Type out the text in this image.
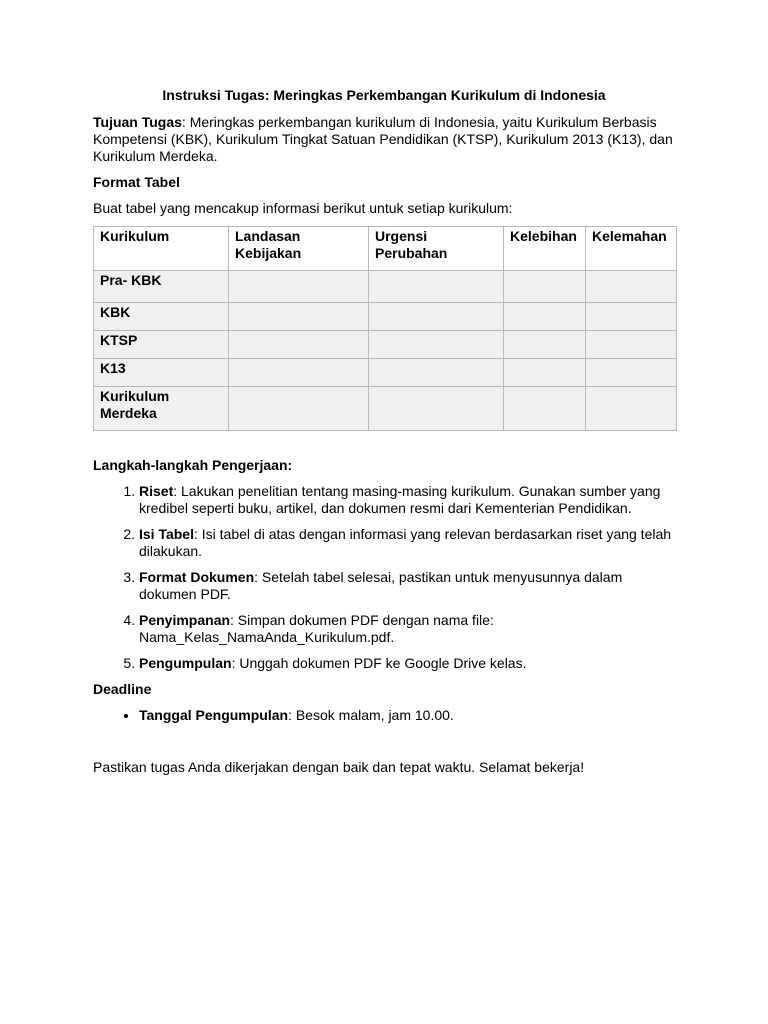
Instruksi Tugas: Meringkas Perkembangan Kurikulum di Indonesia

Tujuan Tugas: Meringkas perkembangan kurikulum di Indonesia, yaitu Kurikulum Berbasis Kompetensi (KBK), Kurikulum Tingkat Satuan Pendidikan (KTSP), Kurikulum 2013 (K13), dan Kurikulum Merdeka.

Format Tabel

Buat tabel yang mencakup informasi berikut untuk setiap kurikulum:

Kurikulum	Landasan Kebijakan	Urgensi Perubahan	Kelebihan	Kelemahan
Pra- KBK				
KBK				
KTSP				
K13				
Kurikulum Merdeka				
Langkah-langkah Pengerjaan:
1. Riset: Lakukan penelitian tentang masing-masing kurikulum. Gunakan sumber yang kredibel seperti buku, artikel, dan dokumen resmi dari Kementerian Pendidikan.
2. Isi Tabel: Isi tabel di atas dengan informasi yang relevan berdasarkan riset yang telah dilakukan.
3. Format Dokumen: Setelah tabel selesai, pastikan untuk menyusunnya dalam dokumen PDF.
4. Penyimpanan: Simpan dokumen PDF dengan nama file: Nama_Kelas_NamaAnda_Kurikulum.pdf.
5. Pengumpulan: Unggah dokumen PDF ke Google Drive kelas.
Deadline
• Tanggal Pengumpulan: Besok malam, jam 10.00.

Pastikan tugas Anda dikerjakan dengan baik dan tepat waktu. Selamat bekerja!
